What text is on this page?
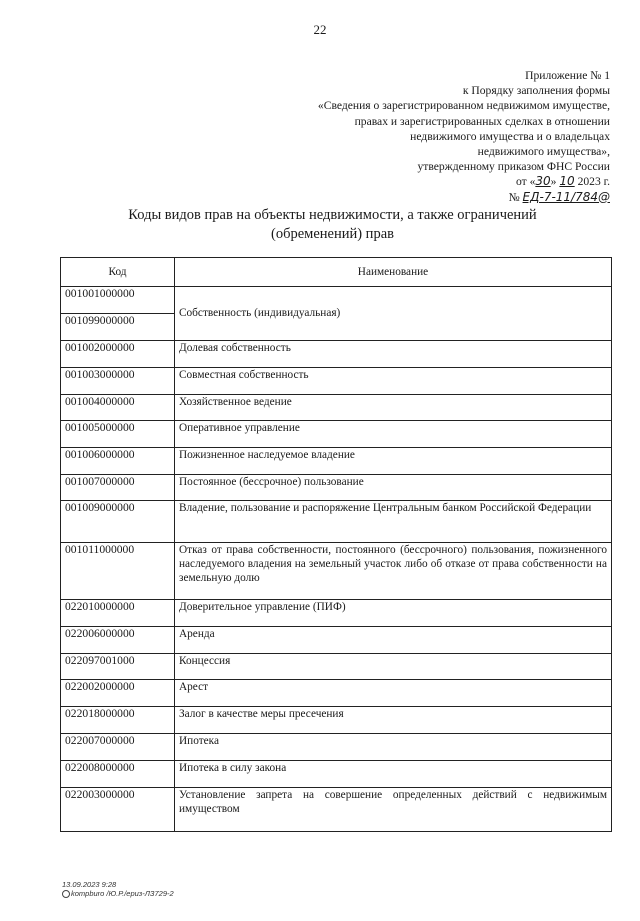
22
Приложение № 1
к Порядку заполнения формы
«Сведения о зарегистрированном недвижимом имуществе,
правах и зарегистрированных сделках в отношении
недвижимого имущества и о владельцах
недвижимого имущества»,
утвержденному приказом ФНС России
от «30» 10 2023 г.
№ ЕД-7-11/784@
Коды видов прав на объекты недвижимости, а также ограничений
(обременений) прав
Код	Наименование
001001000000	Собственность (индивидуальная)
001099000000	
001002000000	Долевая собственность
001003000000	Совместная собственность
001004000000	Хозяйственное ведение
001005000000	Оперативное управление
001006000000	Пожизненное наследуемое владение
001007000000	Постоянное (бессрочное) пользование
001009000000	Владение, пользование и распоряжение Центральным банком Российской Федерации
001011000000	Отказ от права собственности, постоянного (бессрочного) пользования, пожизненного наследуемого владения на земельный участок либо об отказе от права собственности на земельную долю
022010000000	Доверительное управление (ПИФ)
022006000000	Аренда
022097001000	Концессия
022002000000	Арест
022018000000	Залог в качестве меры пресечения
022007000000	Ипотека
022008000000	Ипотека в силу закона
022003000000	Установление запрета на совершение определенных действий с недвижимым имуществом
13.09.2023 9:28
kompburo /Ю.Р./ериз-ЛЗ729-2
